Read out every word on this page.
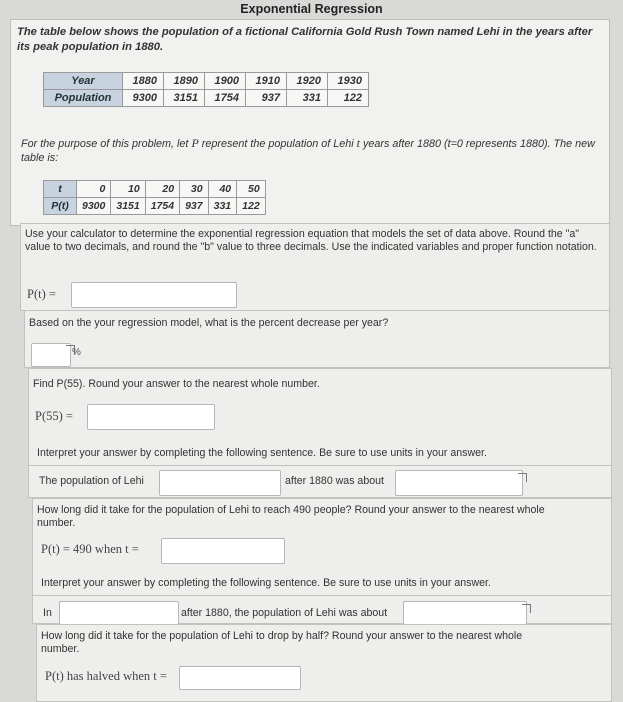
Exponential Regression
The table below shows the population of a fictional California Gold Rush Town named Lehi in the years after its peak population in 1880.
Year	1880	1890	1900	1910	1920	1930
Population	9300	3151	1754	937	331	122
For the purpose of this problem, let P represent the population of Lehi t years after 1880 (t=0 represents 1880). The new table is:
t	0	10	20	30	40	50
P(t)	9300	3151	1754	937	331	122
Use your calculator to determine the exponential regression equation that models the set of data above. Round the "a" value to two decimals, and round the "b" value to three decimals. Use the indicated variables and proper function notation.
P(t) =
Based on the your regression model, what is the percent decrease per year?
%
Find P(55). Round your answer to the nearest whole number.
P(55) =
Interpret your answer by completing the following sentence. Be sure to use units in your answer.
The population of Lehi	after 1880 was about
How long did it take for the population of Lehi to reach 490 people? Round your answer to the nearest whole number.
P(t) = 490 when t =
Interpret your answer by completing the following sentence. Be sure to use units in your answer.
In	after 1880, the population of Lehi was about
How long did it take for the population of Lehi to drop by half? Round your answer to the nearest whole number.
P(t) has halved when t =
